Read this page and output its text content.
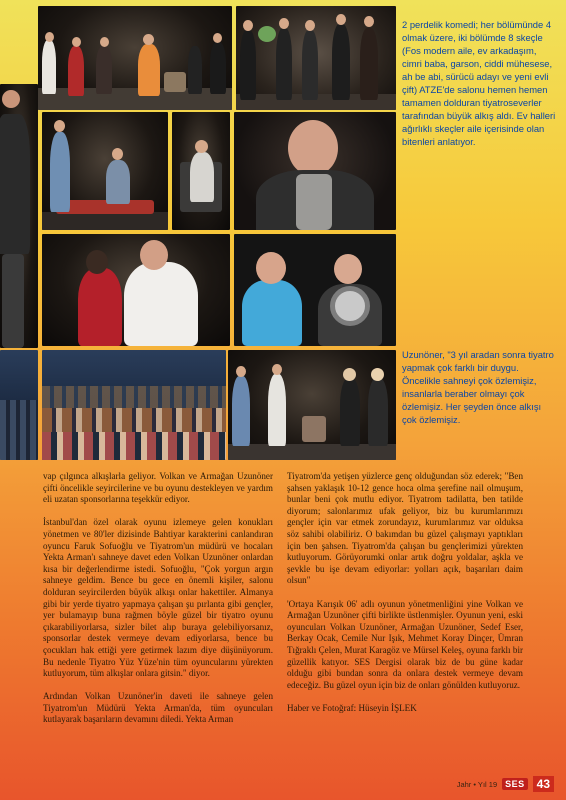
2 perdelik komedi; her bölümünde 4 olmak üzere, iki bölümde 8 skeçle (Fos modern aile, ev arkadaşım, cimri baba, garson, ciddi mühesese, ah be abi, sürücü adayı ve yeni evli çift) ATZE'de salonu hemen hemen tamamen dolduran tiyatroseverler tarafından büyük alkış aldı. Ev halleri ağırlıklı skeçler aile içerisinde olan bitenleri anlatıyor.
Uzunöner, "3 yıl aradan sonra tiyatro yapmak çok farklı bir duygu. Öncelikle sahneyi çok özlemişiz, insanlarla beraber olmayı çok özlemişiz. Her şeyden önce alkışı çok özlemişiz.

vap çılgınca alkışlarla geliyor. Volkan ve Armağan Uzunöner çifti öncelikle seyircilerine ve bu oyunu destekleyen ve yardım eli uzatan sponsorlarına teşekkür ediyor.

İstanbul'dan özel olarak oyunu izlemeye gelen konukları yönetmen ve 80'ler dizisinde Bahtiyar karakterini canlandıran oyuncu Faruk Sofuoğlu ve Tiyatrom'un müdürü ve hocaları Yekta Arman'ı sahneye davet eden Volkan Uzunöner onlardan kısa bir değerlendirme istedi. Sofuoğlu, "Çok yorgun argın sahneye geldim. Bence bu gece en önemli kişiler, salonu dolduran seyircilerden büyük alkışı onlar hakettiler. Almanya gibi bir yerde tiyatro yapmaya çalışan şu pırlanta gibi gençler, yer bulamayıp buna rağmen böyle güzel bir tiyatro oyunu çıkarabiliyorlarsa, sizler bilet alıp buraya gelebiliyorsanız, sponsorlar destek vermeye devam ediyorlarsa, bence bu çocukları hak ettiği yere getirmek lazım diye düşünüyorum. Bu nedenle Tiyatro Yüz Yüze'nin tüm oyuncularını yürekten kutluyorum, tüm alkışlar onlara gitsin." diyor.

Ardından Volkan Uzunöner'in daveti ile sahneye gelen Tiyatrom'un Müdürü Yekta Arman'da, tüm oyuncuları kutlayarak başarıların devamını diledi. Yekta Arman

Tiyatrom'da yetişen yüzlerce genç olduğundan söz ederek; "Ben şahsen yaklaşık 10-12 gence hoca olma şerefine nail olmuşum, bunlar beni çok mutlu ediyor. Tiyatrom tadilatta, ben tatilde diyorum; salonlarımız ufak geliyor, biz bu kurumlarımızı gençler için var etmek zorundayız, kurumlarımız var olduksa söz sahibi olabiliriz. O bakımdan bu güzel çalışmayı yaptıkları için ben şahsen. Tiyatrom'da çalışan bu gençlerimizi yürekten kutluyorum. Görüyorumki onlar artık doğru yoldalar, aşkla ve şevkle bu işe devam ediyorlar: yolları açık, başarıları daim olsun"

'Ortaya Karışık 06' adlı oyunun yönetmenliğini yine Volkan ve Armağan Uzunöner çifti birlikte üstlenmişler. Oyunun yeni, eski oyuncuları Volkan Uzunöner, Armağan Uzunöner, Sedef Eser, Berkay Ocak, Cemile Nur Işık, Mehmet Koray Dinçer, Ümran Tığraklı Çelen, Murat Karagöz ve Mürsel Keleş, oyuna farklı bir güzellik katıyor. SES Dergisi olarak biz de bu güne kadar olduğu gibi bundan sonra da onlara destek vermeye devam edeceğiz. Bu güzel oyun için biz de onları gönülden kutluyoruz.

Haber ve Fotoğraf: Hüseyin İŞLEK

Jahr • Yıl 19 SES	43
